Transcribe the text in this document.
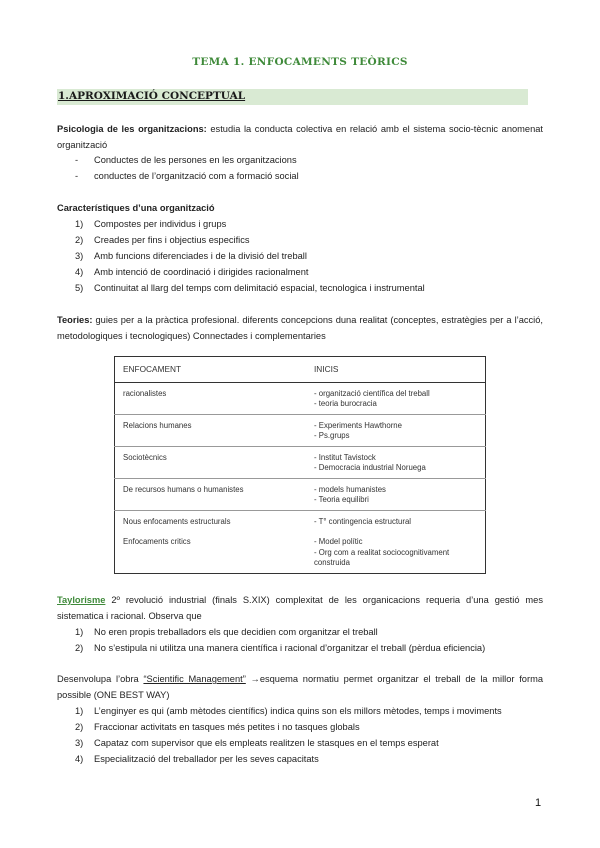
TEMA 1. ENFOCAMENTS TEÒRICS
1.APROXIMACIÓ CONCEPTUAL
Psicologia de les organitzacions: estudia la conducta colectiva en relació amb el sistema socio-tècnic anomenat organització
- Conductes de les persones en les organitzacions
- conductes de l’organització com a formació social
Característiques d’una organització
1) Compostes per individus i grups
2) Creades per fins i objectius especifics
3) Amb funcions diferenciades i de la divisió del treball
4) Amb intenció de coordinació i dirigides racionalment
5) Continuitat al llarg del temps com delimitació espacial, tecnologica i instrumental
Teories: guies per a la pràctica profesional. diferents concepcions duna realitat (conceptes, estratègies per a l’acció, metodologiques i tecnologiques) Connectades i complementaries
ENFOCAMENT	INICIS
racionalistes	- organització científica del treball
- teoria burocracia

Relacions humanes	- Experiments Hawthorne
- Ps.grups

Sociotècnics	- Institut Tavistock
- Democracia industrial Noruega

De recursos humans o humanistes	- models humanistes
- Teoria equilibri

Nous enfocaments estructurals	- T° contingencia estructural

Enfocaments critics	- Model polític
- Org com a realitat sociocognitivament construida
Taylorisme 2º revolució industrial (finals S.XIX) complexitat de les organicacions requeria d’una gestió mes sistematica i racional. Observa que
1) No eren propis treballadors els que decidien com organitzar el treball
2) No s’estipula ni utilitza una manera científica i racional d’organitzar el treball (pèrdua eficiencia)
Desenvolupa l’obra “Scientific Management” →esquema normatiu permet organitzar el treball de la millor forma possible (ONE BEST WAY)
1) L’enginyer es qui (amb mètodes científics) indica quins son els millors mètodes, temps i moviments
2) Fraccionar activitats en tasques més petites i no tasques globals
3) Capataz com supervisor que els empleats realitzen le stasques en el temps esperat
4) Especialització del treballador per les seves capacitats
1
